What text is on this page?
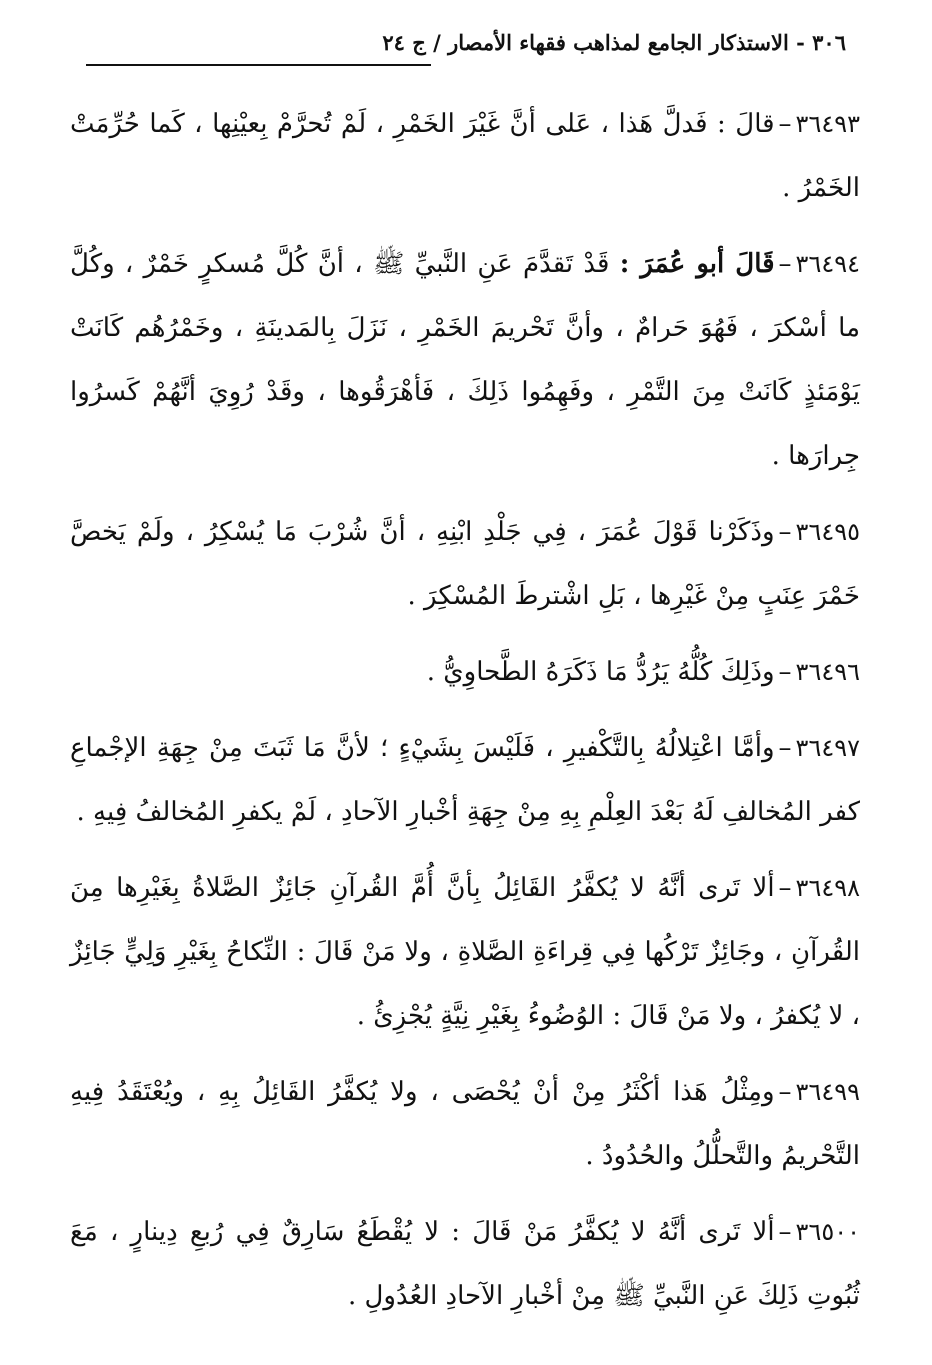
٣٠٦ - الاستذكار الجامع لمذاهب فقهاء الأمصار / ج ٢٤

٣٦٤٩٣–قالَ : فَدلَّ هَذا ، عَلى أنَّ غَيْرَ الخَمْرِ ، لَمْ تُحرَّمْ بِعيْنِها ، كَما حُرِّمَتْ الخَمْرُ .

٣٦٤٩٤–قَالَ أبو عُمَرَ : قَدْ تَقدَّمَ عَنِ النَّبيِّ ﷺ ، أنَّ كُلَّ مُسكرٍ خَمْرٌ ، وكُلَّ ما أسْكرَ ، فَهُوَ حَرامٌ ، وأنَّ تَحْريمَ الخَمْرِ ، نَزَلَ بِالمَدينَةِ ، وخَمْرُهُم كَانَتْ يَوْمَئذٍ كَانَتْ مِنَ التَّمْرِ ، وفَهِمُوا ذَلِكَ ، فَأهْرَقُوها ، وقَدْ رُوِيَ أنَّهُمْ كَسرُوا جِرارَها .

٣٦٤٩٥–وذَكَرْنا قَوْلَ عُمَرَ ، فِي جَلْدِ ابْنِهِ ، أنَّ شُرْبَ مَا يُسْكِرُ ، ولَمْ يَخصَّ خَمْرَ عِنَبٍ مِنْ غَيْرِها ، بَلِ اشْترطَ المُسْكِرَ .

٣٦٤٩٦–وذَلِكَ كُلُّهُ يَرُدُّ مَا ذَكَرَهُ الطَّحاوِيُّ .

٣٦٤٩٧–وأمَّا اعْتِلالُهُ بِالتَّكْفيرِ ، فَلَيْسَ بِشَيْءٍ ؛ لأنَّ مَا ثَبَتَ مِنْ جِهَةِ الإجْماعِ كفر المُخالفِ لَهُ بَعْدَ العِلْمِ بِهِ مِنْ جِهَةِ أخْبارِ الآحادِ ، لَمْ يكفرِ المُخالفُ فِيهِ .

٣٦٤٩٨–ألا تَرى أنَّهُ لا يُكفَّرُ القَائِلُ بِأنَّ أُمَّ القُرآنِ جَائِزٌ الصَّلاةُ بِغَيْرِها مِنَ القُرآنِ ، وجَائِزٌ تَرْكُها فِي قِراءَةِ الصَّلاةِ ، ولا مَنْ قَالَ : النِّكاحُ بِغَيْرِ وَلِيٍّ جَائِزٌ ، لا يُكفرُ ، ولا مَنْ قَالَ : الوُضُوءُ بِغَيْرِ نِيَّةٍ يُجْزِئُ .

٣٦٤٩٩–ومِثْلُ هَذا أكْثَرُ مِنْ أنْ يُحْصَى ، ولا يُكفَّرُ القَائِلُ بِهِ ، ويُعْتَقَدُ فِيهِ التَّحْريمُ والتَّحلُّلُ والحُدُودُ .

٣٦٥٠٠–ألا تَرى أنَّهُ لا يُكفَّرُ مَنْ قَالَ : لا يُقْطَعُ سَارِقٌ فِي رُبعِ دِينارٍ ، مَعَ ثُبُوتِ ذَلِكَ عَنِ النَّبيِّ ﷺ مِنْ أخْبارِ الآحادِ العُدُولِ .
